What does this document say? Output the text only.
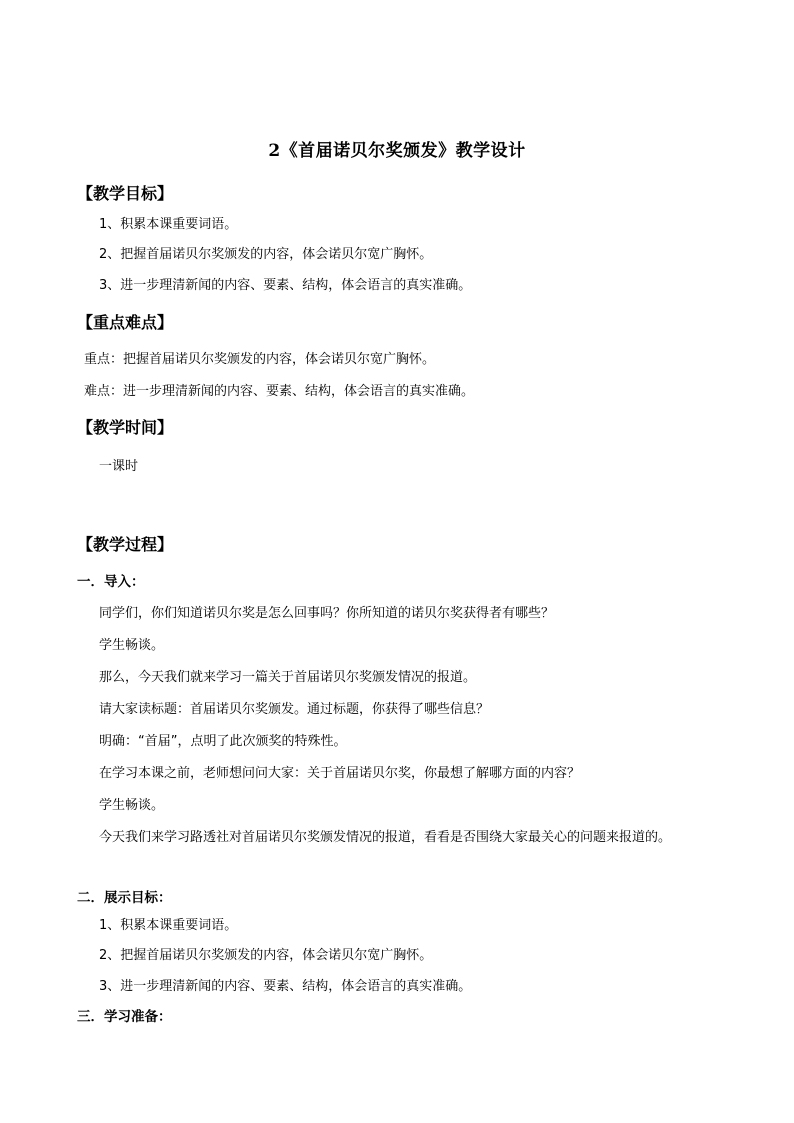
2《首届诺贝尔奖颁发》教学设计
【教学目标】
1、积累本课重要词语。
2、把握首届诺贝尔奖颁发的内容，体会诺贝尔宽广胸怀。
3、进一步理清新闻的内容、要素、结构，体会语言的真实准确。
【重点难点】
重点：把握首届诺贝尔奖颁发的内容，体会诺贝尔宽广胸怀。
难点：进一步理清新闻的内容、要素、结构，体会语言的真实准确。
【教学时间】
一课时
【教学过程】
一．导入：
同学们，你们知道诺贝尔奖是怎么回事吗？你所知道的诺贝尔奖获得者有哪些？
学生畅谈。
那么，今天我们就来学习一篇关于首届诺贝尔奖颁发情况的报道。
请大家读标题：首届诺贝尔奖颁发。通过标题，你获得了哪些信息？
明确：“首届”，点明了此次颁奖的特殊性。
在学习本课之前，老师想问问大家：关于首届诺贝尔奖，你最想了解哪方面的内容？
学生畅谈。
今天我们来学习路透社对首届诺贝尔奖颁发情况的报道，看看是否围绕大家最关心的问题来报道的。
二．展示目标：
1、积累本课重要词语。
2、把握首届诺贝尔奖颁发的内容，体会诺贝尔宽广胸怀。
3、进一步理清新闻的内容、要素、结构，体会语言的真实准确。
三．学习准备：
